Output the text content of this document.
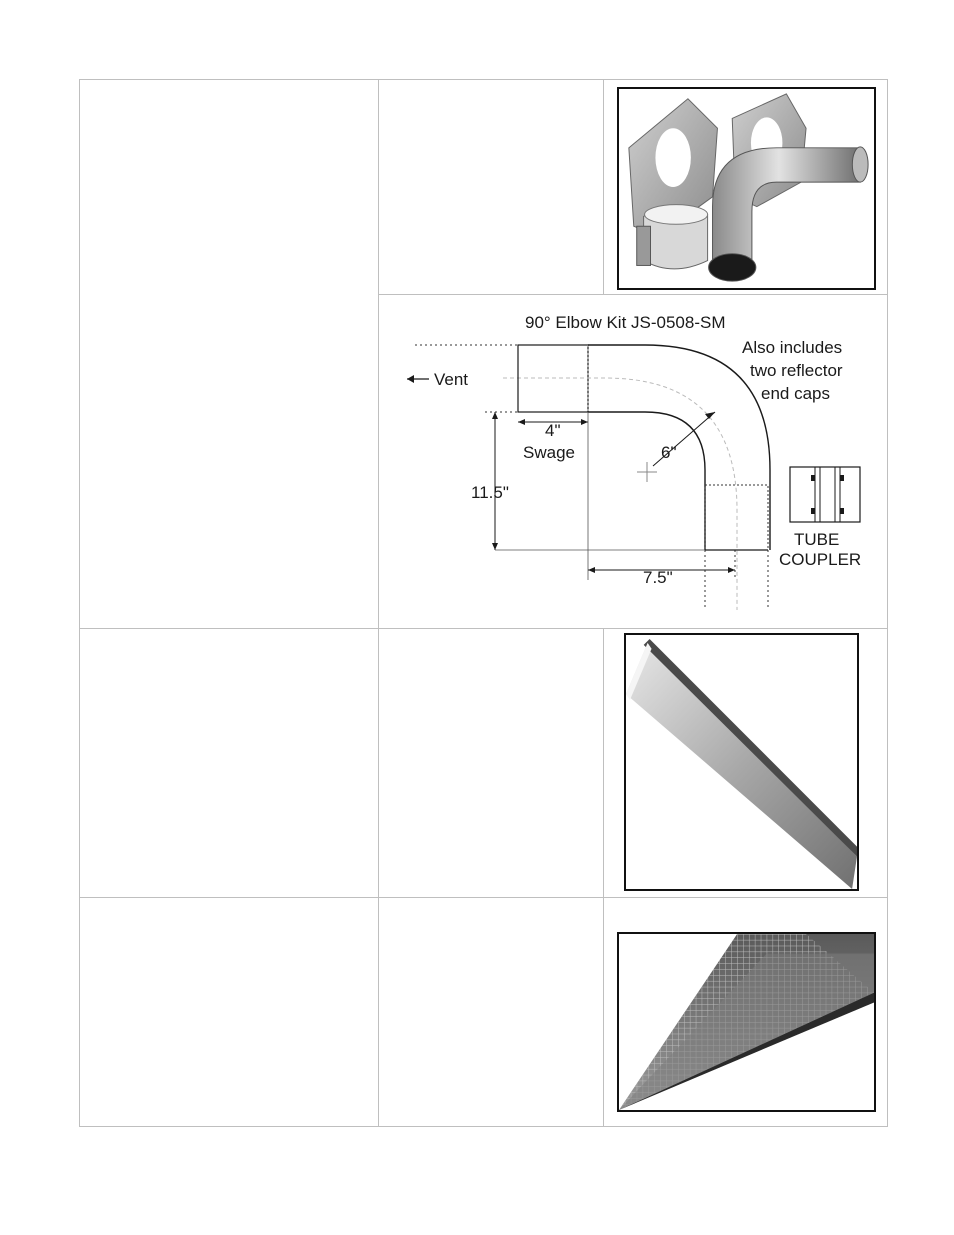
90° Elbow Kit JS-0508-SM
Also includes
two reflector
end caps
Vent
4"
Swage	6"
11.5"
7.5"
TUBE
COUPLER
